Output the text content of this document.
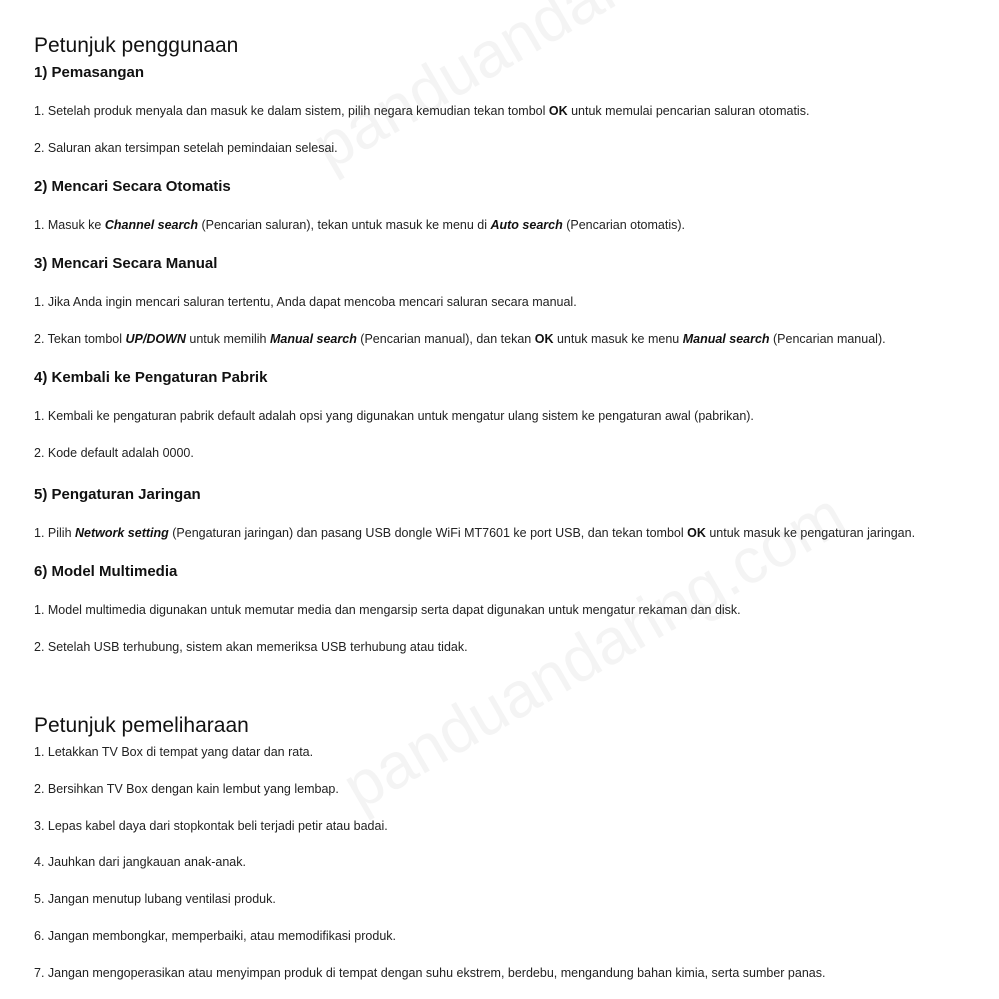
Petunjuk penggunaan
1) Pemasangan

1. Setelah produk menyala dan masuk ke dalam sistem, pilih negara kemudian tekan tombol OK untuk memulai pencarian saluran otomatis.

2. Saluran akan tersimpan setelah pemindaian selesai.

2) Mencari Secara Otomatis

1. Masuk ke Channel search (Pencarian saluran), tekan untuk masuk ke menu di Auto search (Pencarian otomatis).

3) Mencari Secara Manual

1. Jika Anda ingin mencari saluran tertentu, Anda dapat mencoba mencari saluran secara manual.

2. Tekan tombol UP/DOWN untuk memilih Manual search (Pencarian manual), dan tekan OK untuk masuk ke menu Manual search (Pencarian manual).

4) Kembali ke Pengaturan Pabrik

1. Kembali ke pengaturan pabrik default adalah opsi yang digunakan untuk mengatur ulang sistem ke pengaturan awal (pabrikan).

2. Kode default adalah 0000.

5) Pengaturan Jaringan

1. Pilih Network setting (Pengaturan jaringan) dan pasang USB dongle WiFi MT7601 ke port USB, dan tekan tombol OK untuk masuk ke pengaturan jaringan.

6) Model Multimedia

1. Model multimedia digunakan untuk memutar media dan mengarsip serta dapat digunakan untuk mengatur rekaman dan disk.

2. Setelah USB terhubung, sistem akan memeriksa USB terhubung atau tidak.

Petunjuk pemeliharaan

1. Letakkan TV Box di tempat yang datar dan rata.

2. Bersihkan TV Box dengan kain lembut yang lembap.

3. Lepas kabel daya dari stopkontak beli terjadi petir atau badai.

4. Jauhkan dari jangkauan anak-anak.

5. Jangan menutup lubang ventilasi produk.

6. Jangan membongkar, memperbaiki, atau memodifikasi produk.

7. Jangan mengoperasikan atau menyimpan produk di tempat dengan suhu ekstrem, berdebu, mengandung bahan kimia, serta sumber panas.
